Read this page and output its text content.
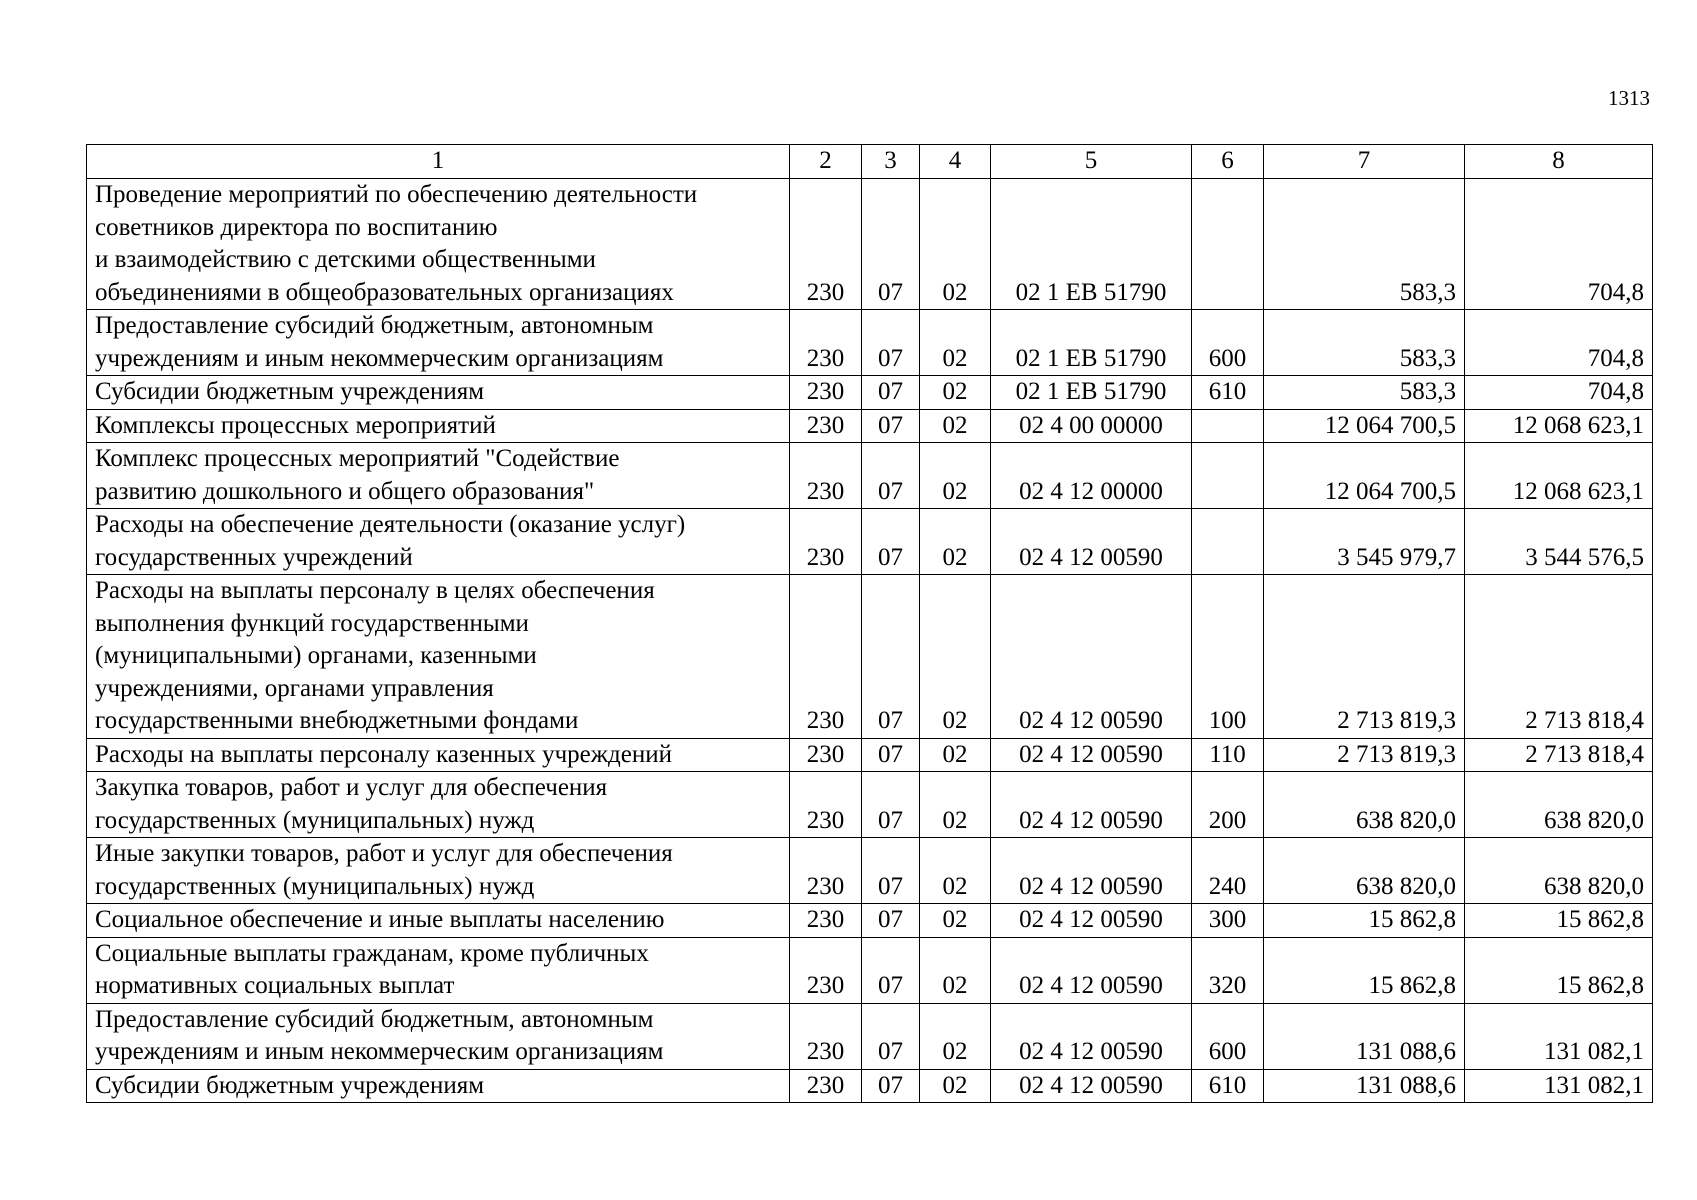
1313
1	2	3	4	5	6	7	8
Проведение мероприятий по обеспечению деятельности
советников директора по воспитанию
и взаимодействию с детскими общественными
объединениями в общеобразовательных организациях	230	07	02	02 1 ЕВ 51790		583,3	704,8
Предоставление субсидий бюджетным, автономным
учреждениям и иным некоммерческим организациям	230	07	02	02 1 ЕВ 51790	600	583,3	704,8
Субсидии бюджетным учреждениям	230	07	02	02 1 ЕВ 51790	610	583,3	704,8
Комплексы процессных мероприятий	230	07	02	02 4 00 00000		12 064 700,5	12 068 623,1
Комплекс процессных мероприятий "Содействие
развитию дошкольного и общего образования"	230	07	02	02 4 12 00000		12 064 700,5	12 068 623,1
Расходы на обеспечение деятельности (оказание услуг)
государственных учреждений	230	07	02	02 4 12 00590		3 545 979,7	3 544 576,5
Расходы на выплаты персоналу в целях обеспечения
выполнения функций государственными
(муниципальными) органами, казенными
учреждениями, органами управления
государственными внебюджетными фондами	230	07	02	02 4 12 00590	100	2 713 819,3	2 713 818,4
Расходы на выплаты персоналу казенных учреждений	230	07	02	02 4 12 00590	110	2 713 819,3	2 713 818,4
Закупка товаров, работ и услуг для обеспечения
государственных (муниципальных) нужд	230	07	02	02 4 12 00590	200	638 820,0	638 820,0
Иные закупки товаров, работ и услуг для обеспечения
государственных (муниципальных) нужд	230	07	02	02 4 12 00590	240	638 820,0	638 820,0
Социальное обеспечение и иные выплаты населению	230	07	02	02 4 12 00590	300	15 862,8	15 862,8
Социальные выплаты гражданам, кроме публичных
нормативных социальных выплат	230	07	02	02 4 12 00590	320	15 862,8	15 862,8
Предоставление субсидий бюджетным, автономным
учреждениям и иным некоммерческим организациям	230	07	02	02 4 12 00590	600	131 088,6	131 082,1
Субсидии бюджетным учреждениям	230	07	02	02 4 12 00590	610	131 088,6	131 082,1
